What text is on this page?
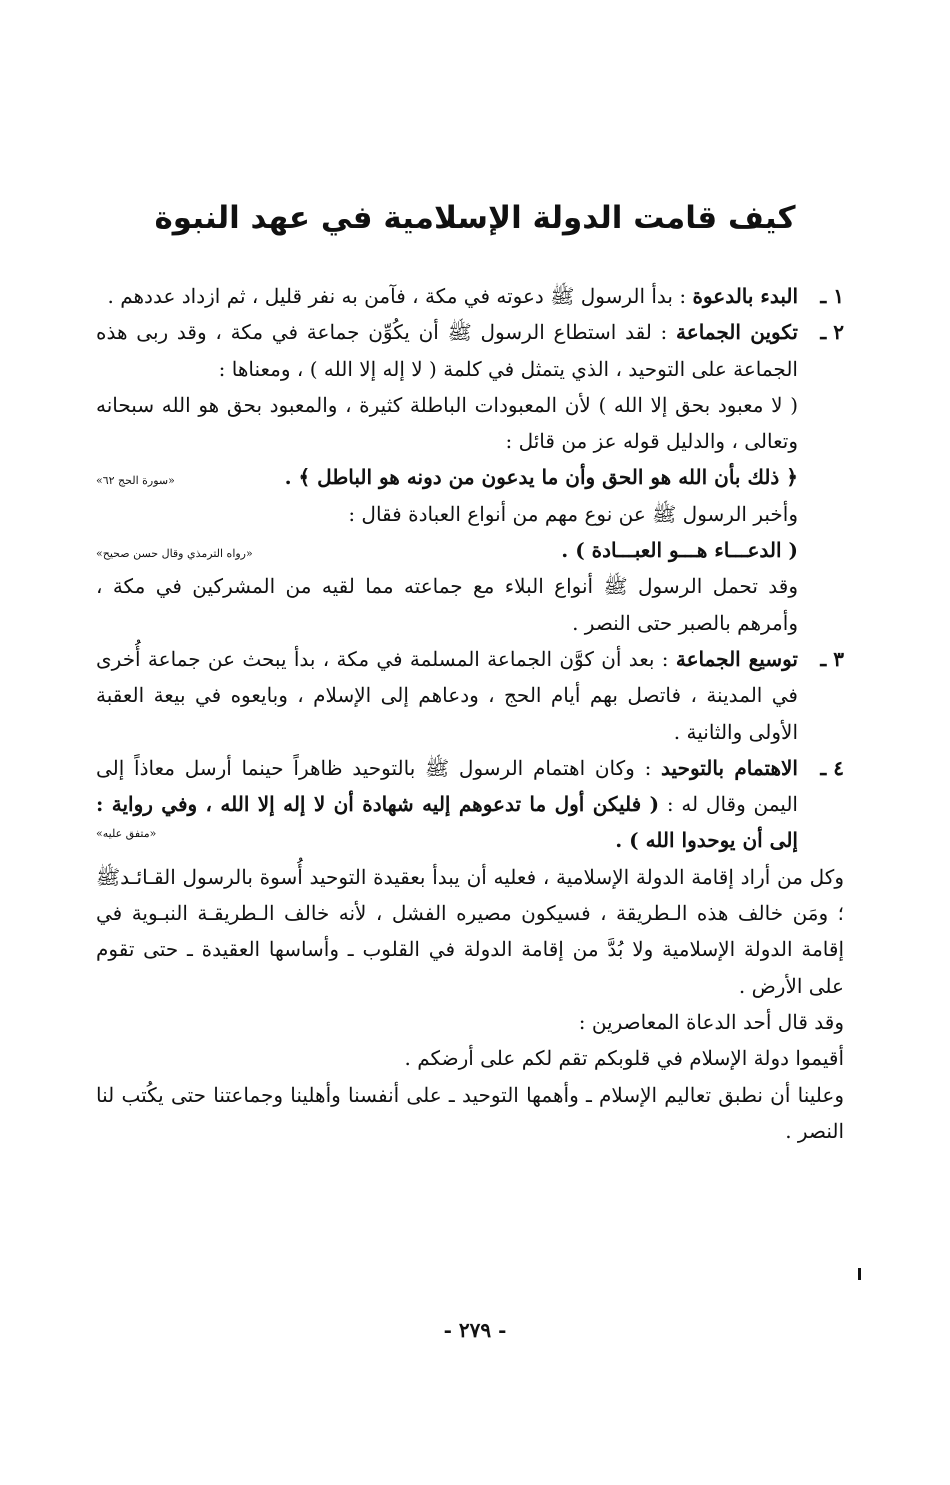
كيف قامت الدولة الإسلامية في عهد النبوة
١ ـ

البدء بالدعوة : بدأ الرسول ﷺ دعوته في مكة ، فآمن به نفر قليل ، ثم ازداد عددهم .

٢ ـ

تكوين الجماعة : لقد استطاع الرسول ﷺ أن يكُوِّن جماعة في مكة ، وقد ربى هذه الجماعة على التوحيد ، الذي يتمثل في كلمة ( لا إله إلا الله ) ، ومعناها :

( لا معبود بحق إلا الله ) لأن المعبودات الباطلة كثيرة ، والمعبود بحق هو الله سبحانه وتعالى ، والدليل قوله عز من قائل :

﴿ ذلك بأن الله هو الحق وأن ما يدعون من دونه هو الباطل ﴾ .
«سورة الحج ٦٢»

وأخبر الرسول ﷺ عن نوع مهم من أنواع العبادة فقال :

( الدعـــاء هـــو العبـــادة ) .
«رواه الترمذي وقال حسن صحيح»

وقد تحمل الرسول ﷺ أنواع البلاء مع جماعته مما لقيه من المشركين في مكة ، وأمرهم بالصبر حتى النصر .

٣ ـ

توسيع الجماعة : بعد أن كوَّن الجماعة المسلمة في مكة ، بدأ يبحث عن جماعة أُخرى في المدينة ، فاتصل بهم أيام الحج ، ودعاهم إلى الإسلام ، وبايعوه في بيعة العقبة الأولى والثانية .

٤ ـ

الاهتمام بالتوحيد : وكان اهتمام الرسول ﷺ بالتوحيد ظاهراً حينما أرسل معاذاً إلى اليمن وقال له : ( فليكن أول ما تدعوهم إليه شهادة أن لا إله إلا الله ، وفي رواية : إلى أن يوحدوا الله ) .

«متفق عليه»

وكل من أراد إقامة الدولة الإسلامية ، فعليه أن يبدأ بعقيدة التوحيد أُسوة بالرسول القـائـدﷺ ؛ ومَن خالف هذه الـطريقة ، فسيكون مصيره الفشل ، لأنه خالف الـطريقـة النبـوية في إقامة الدولة الإسلامية ولا بُدَّ من إقامة الدولة في القلوب ـ وأساسها العقيدة ـ حتى تقوم على الأرض .

وقد قال أحد الدعاة المعاصرين :

أقيموا دولة الإسلام في قلوبكم تقم لكم على أرضكم .

وعلينا أن نطبق تعاليم الإسلام ـ وأهمها التوحيد ـ على أنفسنا وأهلينا وجماعتنا حتى يكُتب لنا النصر .

- ٢٧٩ -
